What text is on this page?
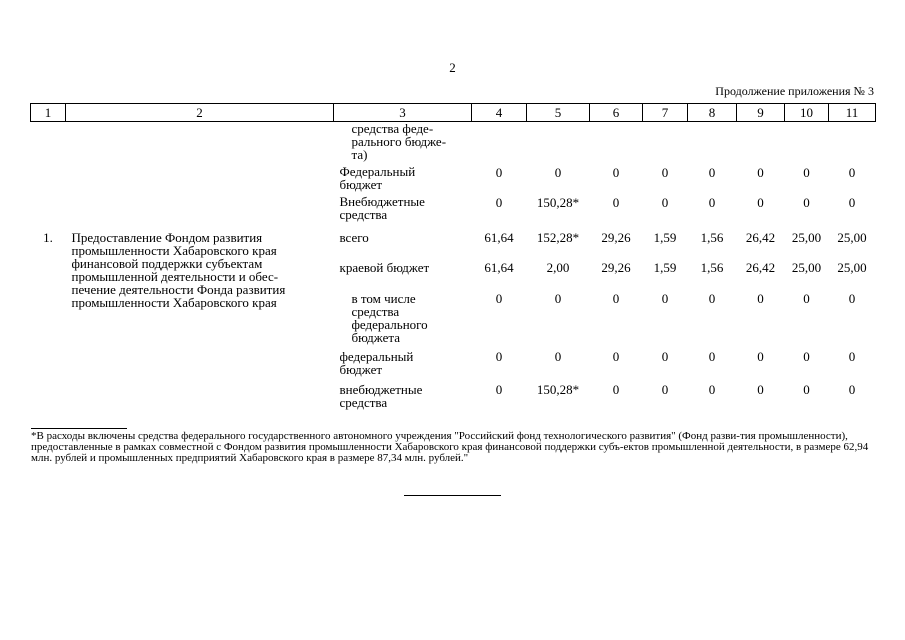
2
Продолжение приложения № 3
1	2	3	4	5	6	7	8	9	10	11

		средства феде-ральногo бюдже-та)								

		Федеральный бюджет	0	0	0	0	0	0	0	0

		Внебюджетные средства	0	150,28*	0	0	0	0	0	0

1.	Предоставление Фондом развития промышленности Хабаровского края финансовой поддержки субъектам промышленной деятельности и обес-печение деятельности Фонда развития промышленности Хабаровского края	всего	61,64	152,28*	29,26	1,59	1,56	26,42	25,00	25,00

		краевой бюджет	61,64	2,00	29,26	1,59	1,56	26,42	25,00	25,00

		в том числе средства федерального бюджета	0	0	0	0	0	0	0	0

		федеральный бюджет	0	0	0	0	0	0	0	0

		внебюджетные средства	0	150,28*	0	0	0	0	0	0
*В расходы включены средства федерального государственного автономного учреждения "Российский фонд технологического развития" (Фонд разви-тия промышленности), предоставленные в рамках совместной с Фондом развития промышленности Хабаровского края финансовой поддержки субъ-ектов промышленной деятельности, в размере 62,94 млн. рублей и промышленных предприятий Хабаровского края в размере 87,34 млн. рублей."
